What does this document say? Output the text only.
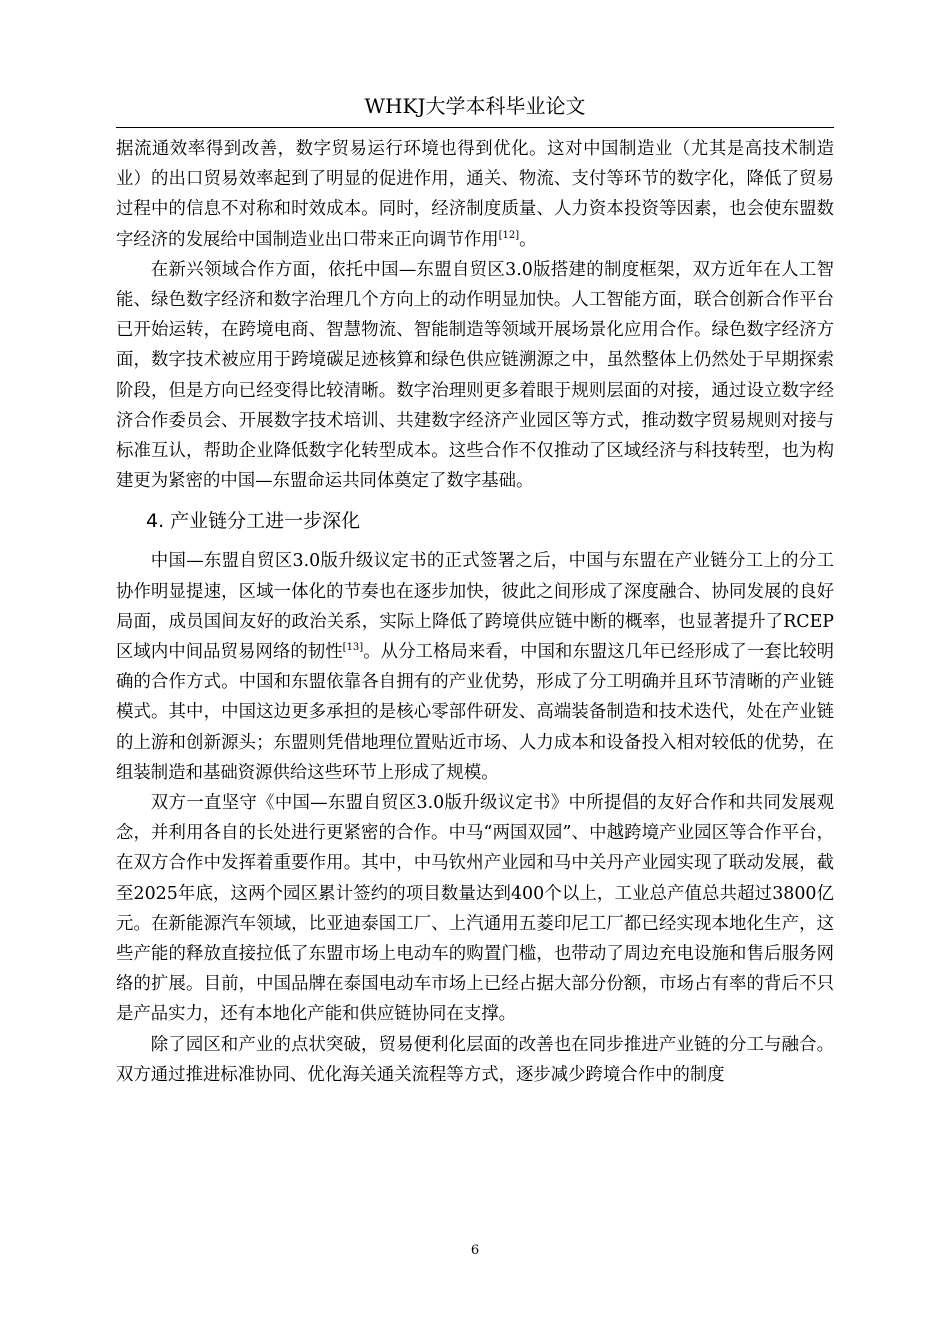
WHKJ大学本科毕业论文

据流通效率得到改善，数字贸易运行环境也得到优化。这对中国制造业（尤其是高技术制造业）的出口贸易效率起到了明显的促进作用，通关、物流、支付等环节的数字化，降低了贸易过程中的信息不对称和时效成本。同时，经济制度质量、人力资本投资等因素，也会使东盟数字经济的发展给中国制造业出口带来正向调节作用[12]。

在新兴领域合作方面，依托中国—东盟自贸区3.0版搭建的制度框架，双方近年在人工智能、绿色数字经济和数字治理几个方向上的动作明显加快。人工智能方面，联合创新合作平台已开始运转，在跨境电商、智慧物流、智能制造等领域开展场景化应用合作。绿色数字经济方面，数字技术被应用于跨境碳足迹核算和绿色供应链溯源之中，虽然整体上仍然处于早期探索阶段，但是方向已经变得比较清晰。数字治理则更多着眼于规则层面的对接，通过设立数字经济合作委员会、开展数字技术培训、共建数字经济产业园区等方式，推动数字贸易规则对接与标准互认，帮助企业降低数字化转型成本。这些合作不仅推动了区域经济与科技转型，也为构建更为紧密的中国—东盟命运共同体奠定了数字基础。

4. 产业链分工进一步深化

中国—东盟自贸区3.0版升级议定书的正式签署之后，中国与东盟在产业链分工上的分工协作明显提速，区域一体化的节奏也在逐步加快，彼此之间形成了深度融合、协同发展的良好局面，成员国间友好的政治关系，实际上降低了跨境供应链中断的概率，也显著提升了RCEP区域内中间品贸易网络的韧性[13]。从分工格局来看，中国和东盟这几年已经形成了一套比较明确的合作方式。中国和东盟依靠各自拥有的产业优势，形成了分工明确并且环节清晰的产业链模式。其中，中国这边更多承担的是核心零部件研发、高端装备制造和技术迭代，处在产业链的上游和创新源头；东盟则凭借地理位置贴近市场、人力成本和设备投入相对较低的优势，在组装制造和基础资源供给这些环节上形成了规模。

双方一直坚守《中国—东盟自贸区3.0版升级议定书》中所提倡的友好合作和共同发展观念，并利用各自的长处进行更紧密的合作。中马“两国双园”、中越跨境产业园区等合作平台，在双方合作中发挥着重要作用。其中，中马钦州产业园和马中关丹产业园实现了联动发展，截至2025年底，这两个园区累计签约的项目数量达到400个以上，工业总产值总共超过3800亿元。在新能源汽车领域，比亚迪泰国工厂、上汽通用五菱印尼工厂都已经实现本地化生产，这些产能的释放直接拉低了东盟市场上电动车的购置门槛，也带动了周边充电设施和售后服务网络的扩展。目前，中国品牌在泰国电动车市场上已经占据大部分份额，市场占有率的背后不只是产品实力，还有本地化产能和供应链协同在支撑。

除了园区和产业的点状突破，贸易便利化层面的改善也在同步推进产业链的分工与融合。双方通过推进标准协同、优化海关通关流程等方式，逐步减少跨境合作中的制度

6
